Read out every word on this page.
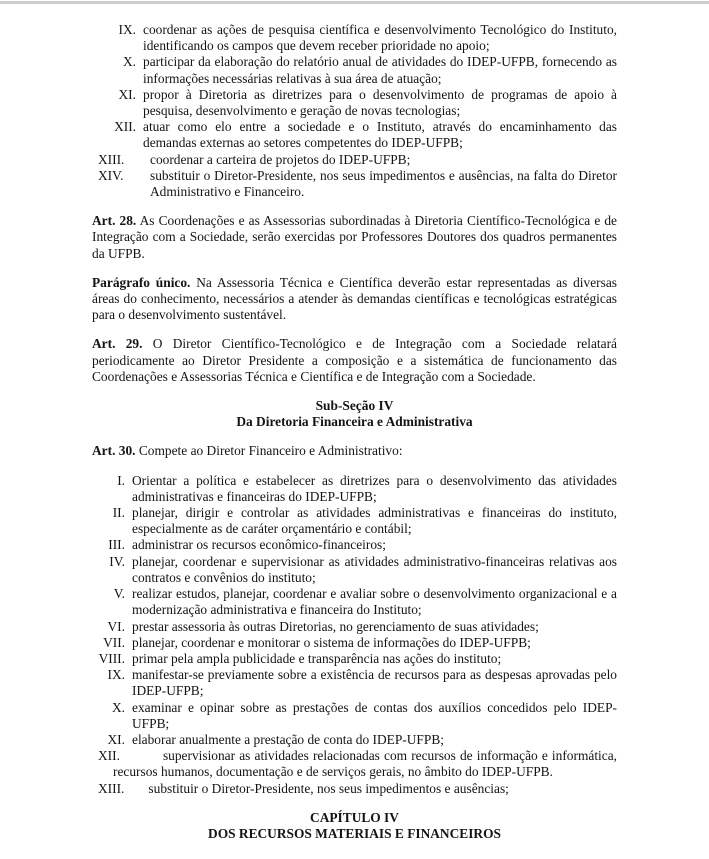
IX. coordenar as ações de pesquisa científica e desenvolvimento Tecnológico do Instituto, identificando os campos que devem receber prioridade no apoio;
X. participar da elaboração do relatório anual de atividades do IDEP-UFPB, fornecendo as informações necessárias relativas à sua área de atuação;
XI. propor à Diretoria as diretrizes para o desenvolvimento de programas de apoio à pesquisa, desenvolvimento e geração de novas tecnologias;
XII. atuar como elo entre a sociedade e o Instituto, através do encaminhamento das demandas externas ao setores competentes do IDEP-UFPB;
XIII.	coordenar a carteira de projetos do IDEP-UFPB;
XIV.	substituir o Diretor-Presidente, nos seus impedimentos e ausências, na falta do Diretor Administrativo e Financeiro.

Art. 28. As Coordenações e as Assessorias subordinadas à Diretoria Científico-Tecnológica e de Integração com a Sociedade, serão exercidas por Professores Doutores dos quadros permanentes da UFPB.

Parágrafo único. Na Assessoria Técnica e Científica deverão estar representadas as diversas áreas do conhecimento, necessários a atender às demandas científicas e tecnológicas estratégicas para o desenvolvimento sustentável.

Art. 29. O Diretor Científico-Tecnológico e de Integração com a Sociedade relatará periodicamente ao Diretor Presidente a composição e a sistemática de funcionamento das Coordenações e Assessorias Técnica e Científica e de Integração com a Sociedade.

Sub-Seção IV
Da Diretoria Financeira e Administrativa

Art. 30. Compete ao Diretor Financeiro e Administrativo:

I. Orientar a política e estabelecer as diretrizes para o desenvolvimento das atividades administrativas e financeiras do IDEP-UFPB;
II. planejar, dirigir e controlar as atividades administrativas e financeiras do instituto, especialmente as de caráter orçamentário e contábil;
III. administrar os recursos econômico-financeiros;
IV. planejar, coordenar e supervisionar as atividades administrativo-financeiras relativas aos contratos e convênios do instituto;
V. realizar estudos, planejar, coordenar e avaliar sobre o desenvolvimento organizacional e a modernização administrativa e financeira do Instituto;
VI. prestar assessoria às outras Diretorias, no gerenciamento de suas atividades;
VII. planejar, coordenar e monitorar o sistema de informações do IDEP-UFPB;
VIII. primar pela ampla publicidade e transparência nas ações do instituto;
IX. manifestar-se previamente sobre a existência de recursos para as despesas aprovadas pelo IDEP-UFPB;
X. examinar e opinar sobre as prestações de contas dos auxílios concedidos pelo IDEP-UFPB;
XI. elaborar anualmente a prestação de conta do IDEP-UFPB;
XII.	supervisionar as atividades relacionadas com recursos de informação e informática, recursos humanos, documentação e de serviços gerais, no âmbito do IDEP-UFPB.
XIII. substituir o Diretor-Presidente, nos seus impedimentos e ausências;
CAPÍTULO IV
DOS RECURSOS MATERIAIS E FINANCEIROS
